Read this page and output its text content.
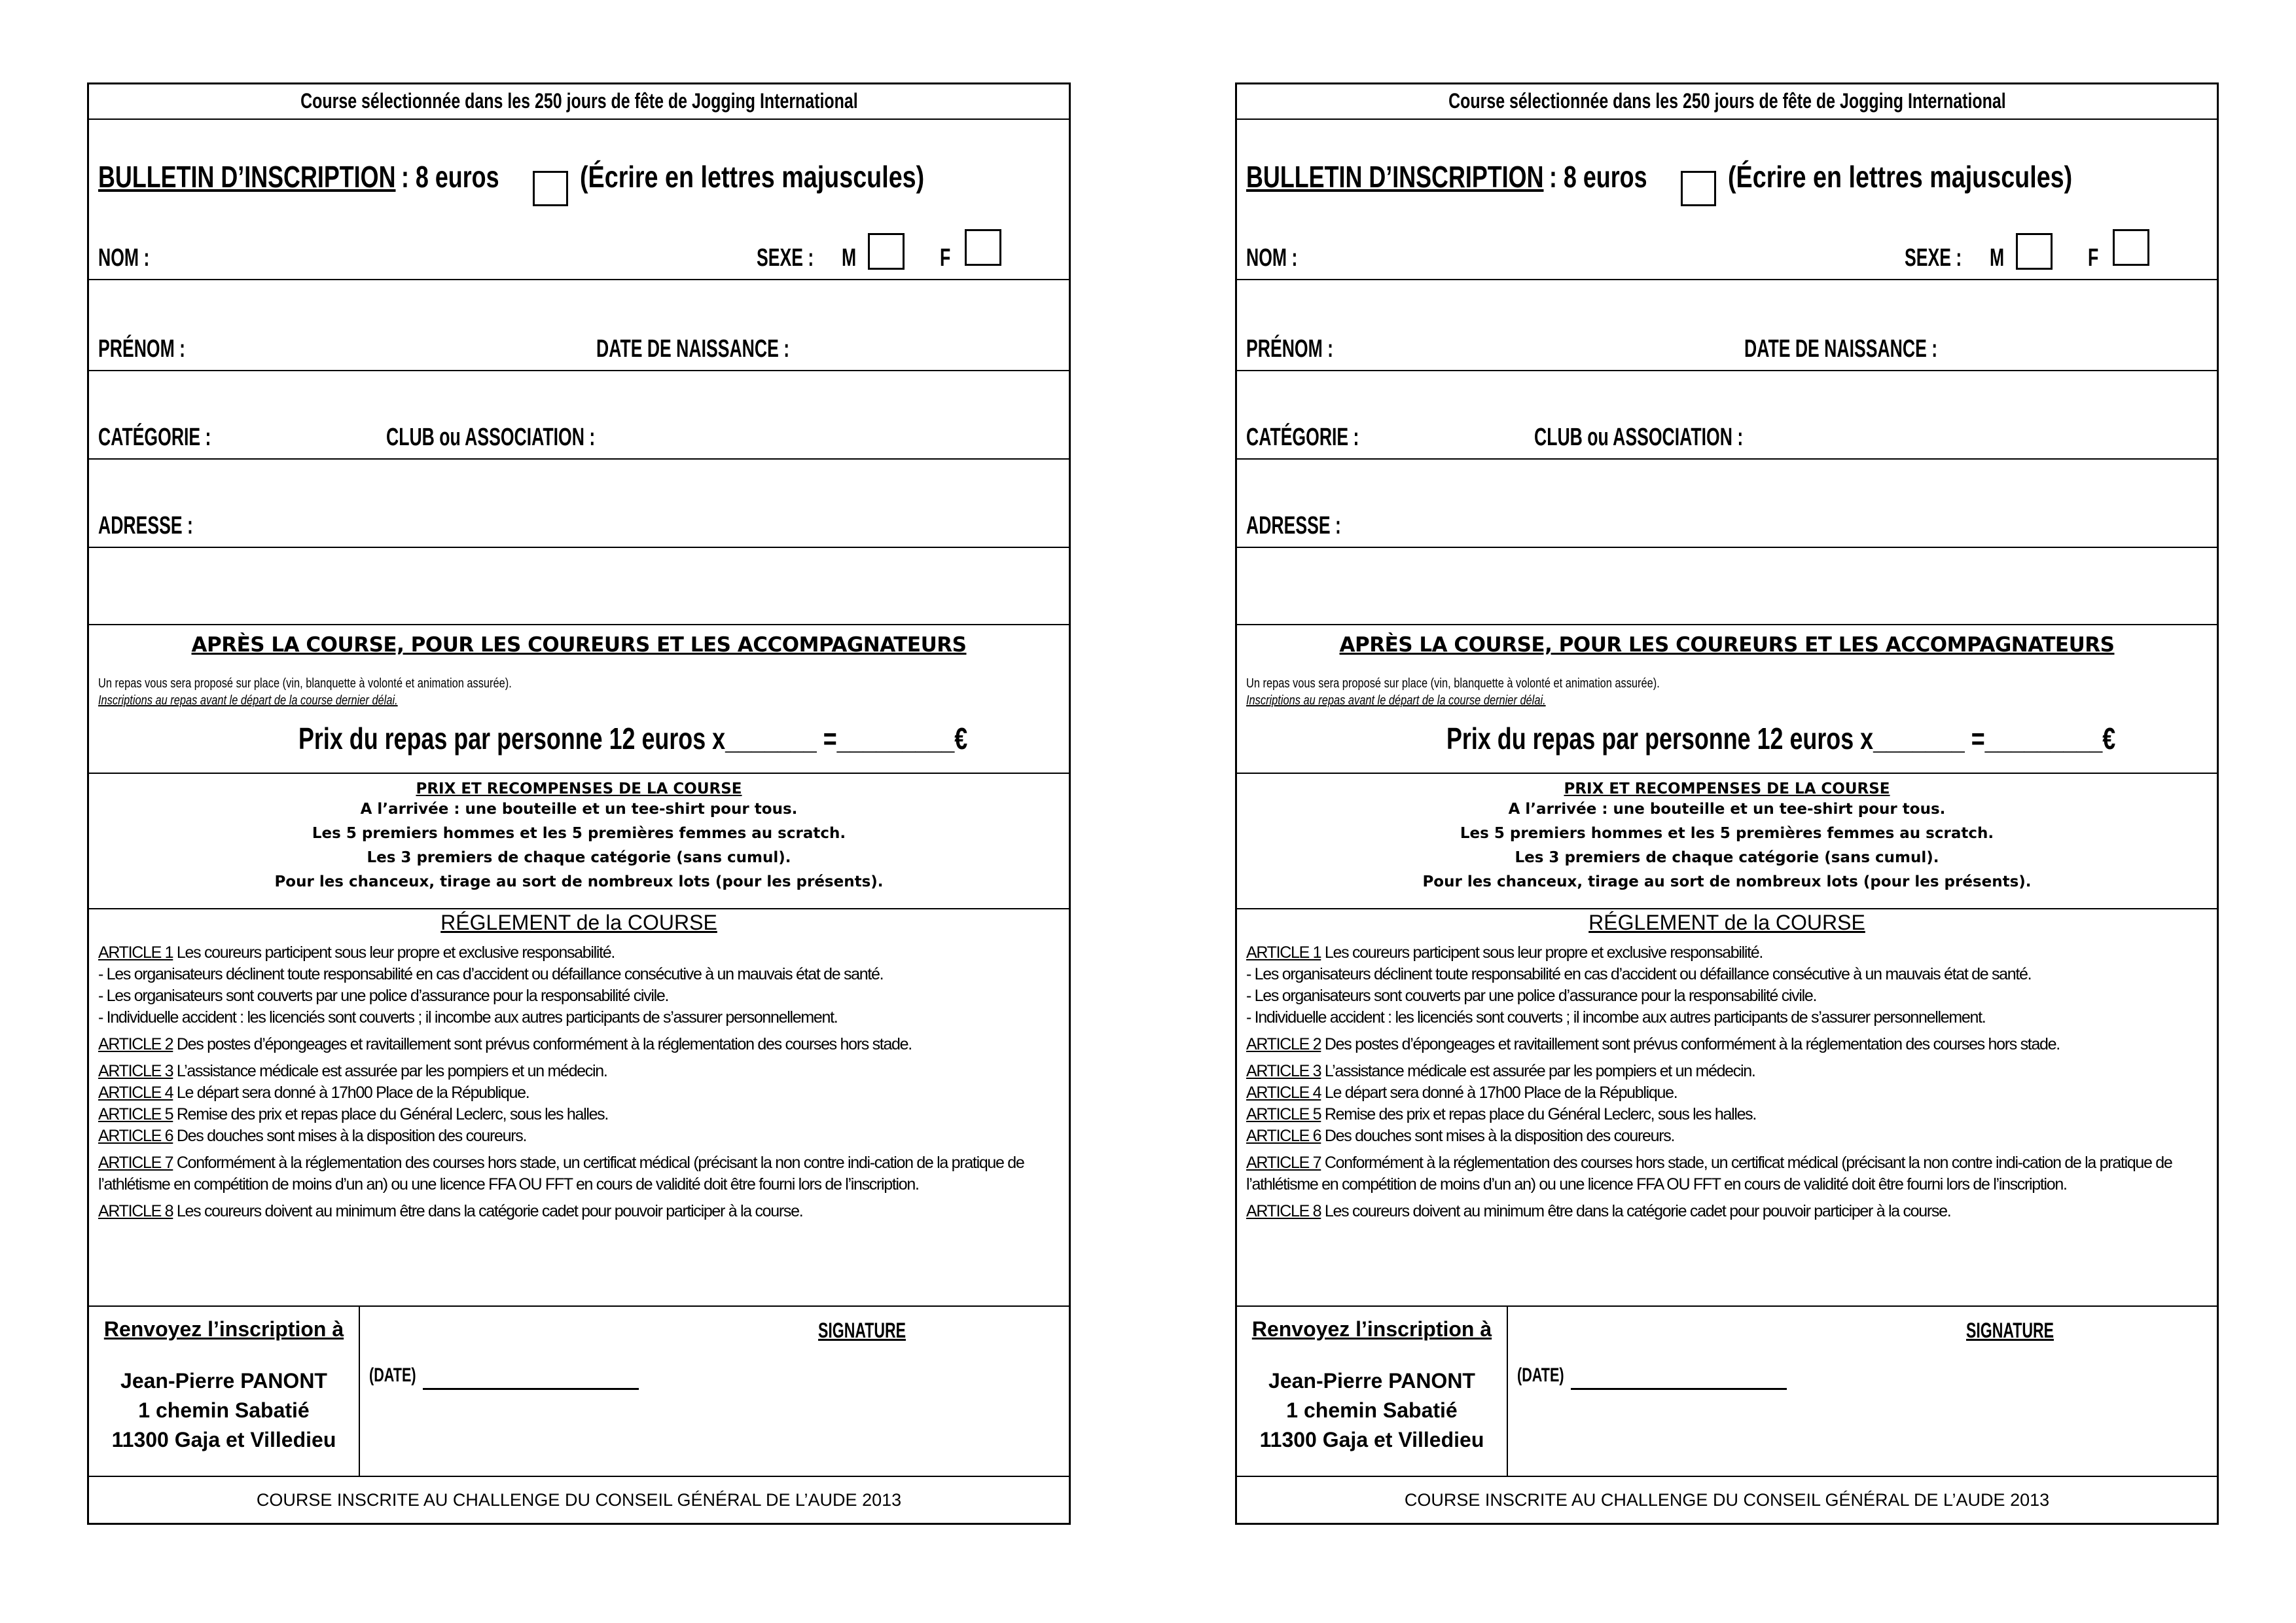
Course sélectionnée dans les 250 jours de fête de Jogging International
BULLETIN D’INSCRIPTION : 8 euros	(Écrire en lettres majuscules)
NOM :	SEXE : M	F
PRÉNOM :	DATE DE NAISSANCE :
CATÉGORIE :	CLUB ou ASSOCIATION :
ADRESSE :
APRÈS LA COURSE, POUR LES COUREURS ET LES ACCOMPAGNATEURS
Un repas vous sera proposé sur place (vin, blanquette à volonté et animation assurée).
Inscriptions au repas avant le départ de la course dernier délai.
Prix du repas par personne 12 euros x_______ =_________€
PRIX ET RECOMPENSES DE LA COURSE
A l’arrivée : une bouteille et un tee-shirt pour tous.
Les 5 premiers hommes et les 5 premières femmes au scratch.
Les 3 premiers de chaque catégorie (sans cumul).
Pour les chanceux, tirage au sort de nombreux lots (pour les présents).
RÉGLEMENT de la COURSE

ARTICLE 1 Les coureurs participent sous leur propre et exclusive responsabilité.

- Les organisateurs déclinent toute responsabilité en cas d’accident ou défaillance consécutive à un mauvais état de santé.

- Les organisateurs sont couverts par une police d’assurance pour la responsabilité civile.

- Individuelle accident : les licenciés sont couverts ; il incombe aux autres participants de s’assurer personnellement.

ARTICLE 2 Des postes d’épongeages et ravitaillement sont prévus conformément à la réglementation des courses hors stade.

ARTICLE 3 L’assistance médicale est assurée par les pompiers et un médecin.

ARTICLE 4 Le départ sera donné à 17h00 Place de la République.

ARTICLE 5 Remise des prix et repas place du Général Leclerc, sous les halles.

ARTICLE 6 Des douches sont mises à la disposition des coureurs.

ARTICLE 7 Conformément à la réglementation des courses hors stade, un certificat médical (précisant la non contre indi-cation de la pratique de l’athlétisme en compétition de moins d’un an) ou une licence FFA OU FFT en cours de validité doit être fourni lors de l’inscription.

ARTICLE 8 Les coureurs doivent au minimum être dans la catégorie cadet pour pouvoir participer à la course.

Renvoyez l’inscription à
Jean-Pierre PANONT
1 chemin Sabatié
11300 Gaja et Villedieu
(DATE)
SIGNATURE
COURSE INSCRITE AU CHALLENGE DU CONSEIL GÉNÉRAL DE L’AUDE 2013
Course sélectionnée dans les 250 jours de fête de Jogging International
BULLETIN D’INSCRIPTION : 8 euros	(Écrire en lettres majuscules)
NOM :	SEXE : M	F
PRÉNOM :	DATE DE NAISSANCE :
CATÉGORIE :	CLUB ou ASSOCIATION :
ADRESSE :
APRÈS LA COURSE, POUR LES COUREURS ET LES ACCOMPAGNATEURS
Un repas vous sera proposé sur place (vin, blanquette à volonté et animation assurée).
Inscriptions au repas avant le départ de la course dernier délai.
Prix du repas par personne 12 euros x_______ =_________€
PRIX ET RECOMPENSES DE LA COURSE
A l’arrivée : une bouteille et un tee-shirt pour tous.
Les 5 premiers hommes et les 5 premières femmes au scratch.
Les 3 premiers de chaque catégorie (sans cumul).
Pour les chanceux, tirage au sort de nombreux lots (pour les présents).
RÉGLEMENT de la COURSE

ARTICLE 1 Les coureurs participent sous leur propre et exclusive responsabilité.

- Les organisateurs déclinent toute responsabilité en cas d’accident ou défaillance consécutive à un mauvais état de santé.

- Les organisateurs sont couverts par une police d’assurance pour la responsabilité civile.

- Individuelle accident : les licenciés sont couverts ; il incombe aux autres participants de s’assurer personnellement.

ARTICLE 2 Des postes d’épongeages et ravitaillement sont prévus conformément à la réglementation des courses hors stade.

ARTICLE 3 L’assistance médicale est assurée par les pompiers et un médecin.

ARTICLE 4 Le départ sera donné à 17h00 Place de la République.

ARTICLE 5 Remise des prix et repas place du Général Leclerc, sous les halles.

ARTICLE 6 Des douches sont mises à la disposition des coureurs.

ARTICLE 7 Conformément à la réglementation des courses hors stade, un certificat médical (précisant la non contre indi-cation de la pratique de l’athlétisme en compétition de moins d’un an) ou une licence FFA OU FFT en cours de validité doit être fourni lors de l’inscription.

ARTICLE 8 Les coureurs doivent au minimum être dans la catégorie cadet pour pouvoir participer à la course.

Renvoyez l’inscription à
Jean-Pierre PANONT
1 chemin Sabatié
11300 Gaja et Villedieu
(DATE)
SIGNATURE
COURSE INSCRITE AU CHALLENGE DU CONSEIL GÉNÉRAL DE L’AUDE 2013
